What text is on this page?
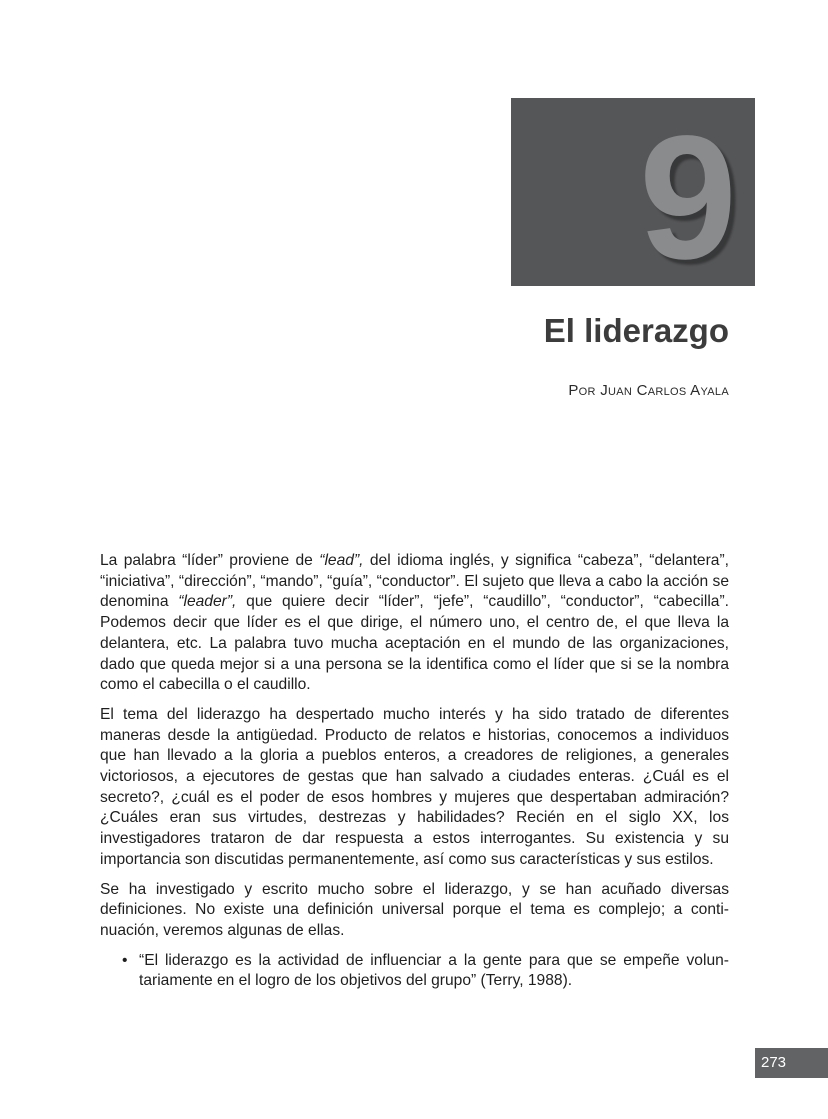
9
El liderazgo
Por Juan Carlos Ayala

La palabra “líder” proviene de “lead”, del idioma inglés, y significa “cabeza”, “delantera”, “iniciativa”, “dirección”, “mando”, “guía”, “conductor”. El sujeto que lleva a cabo la acción se denomina “leader”, que quiere decir “líder”, “jefe”, “caudillo”, “conductor”, “cabecilla”. Podemos decir que líder es el que dirige, el número uno, el centro de, el que lleva la delantera, etc. La palabra tuvo mucha aceptación en el mundo de las organizaciones, dado que queda mejor si a una persona se la identifica como el líder que si se la nombra como el cabecilla o el caudillo.

El tema del liderazgo ha despertado mucho interés y ha sido tratado de diferentes maneras desde la antigüedad. Producto de relatos e historias, conocemos a individuos que han llevado a la gloria a pueblos enteros, a creadores de religiones, a generales victoriosos, a ejecutores de gestas que han salvado a ciudades enteras. ¿Cuál es el secreto?, ¿cuál es el poder de esos hombres y mujeres que despertaban admiración? ¿Cuáles eran sus virtudes, destrezas y habilidades? Recién en el siglo XX, los investigadores trataron de dar respuesta a estos interrogantes. Su existencia y su importancia son discutidas permanentemente, así como sus características y sus estilos.

Se ha investigado y escrito mucho sobre el liderazgo, y se han acuñado diversas definiciones. No existe una definición universal porque el tema es complejo; a continuación, veremos algunas de ellas.

• “El liderazgo es la actividad de influenciar a la gente para que se empeñe voluntariamente en el logro de los objetivos del grupo” (Terry, 1988).
273
